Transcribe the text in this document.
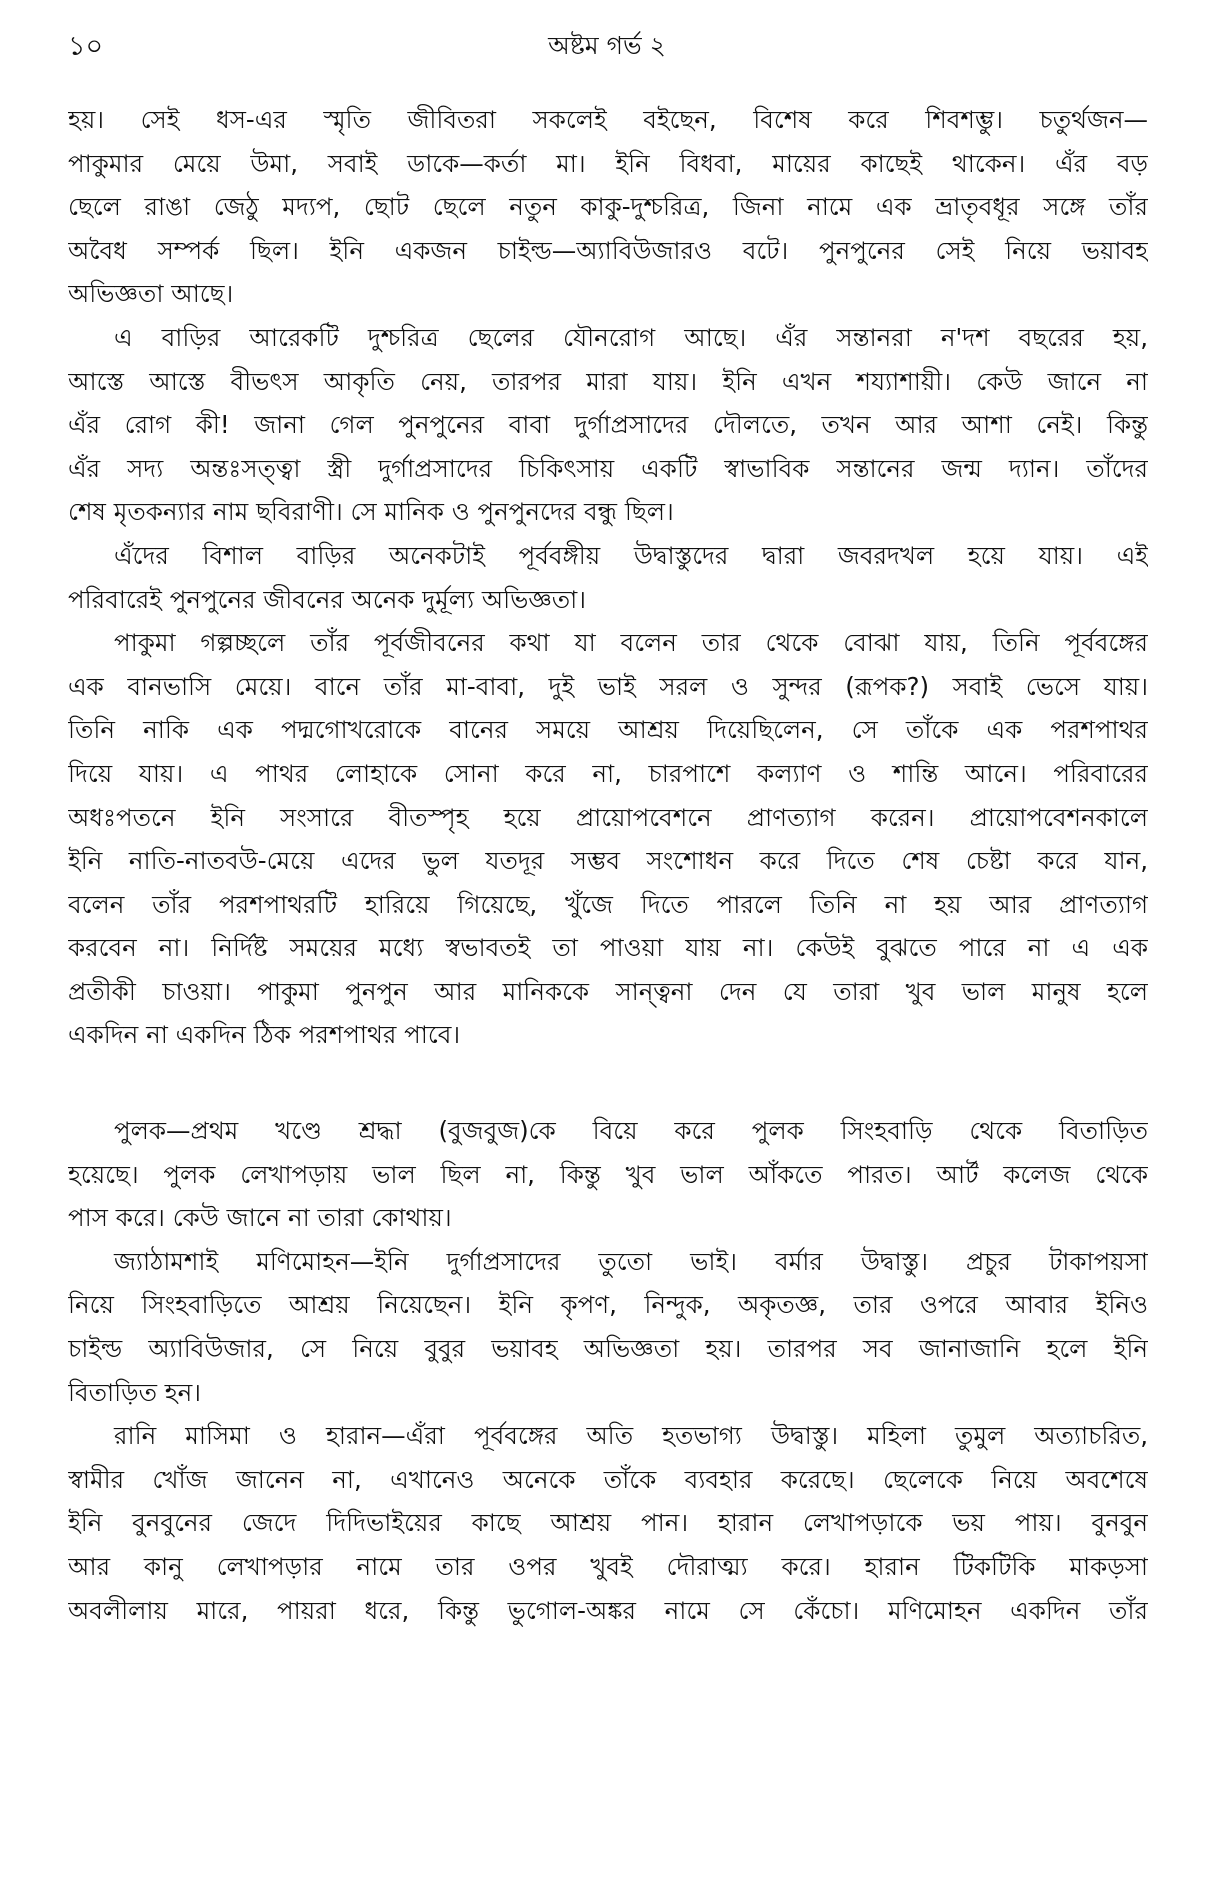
১০	অষ্টম গর্ভ ২
হয়। সেই ধস-এর স্মৃতি জীবিতরা সকলেই বইছেন, বিশেষ করে শিবশম্ভু। চতুর্থজন—
পাকুমার মেয়ে উমা, সবাই ডাকে—কর্তা মা। ইনি বিধবা, মায়ের কাছেই থাকেন। এঁর বড়
ছেলে রাঙা জেঠু মদ্যপ, ছোট ছেলে নতুন কাকু-দুশ্চরিত্র, জিনা নামে এক ভ্রাতৃবধূর সঙ্গে তাঁর
অবৈধ সম্পর্ক ছিল। ইনি একজন চাইল্ড—অ্যাবিউজারও বটে। পুনপুনের সেই নিয়ে ভয়াবহ
অভিজ্ঞতা আছে।
এ বাড়ির আরেকটি দুশ্চরিত্র ছেলের যৌনরোগ আছে। এঁর সন্তানরা ন'দশ বছরের হয়,
আস্তে আস্তে বীভৎস আকৃতি নেয়, তারপর মারা যায়। ইনি এখন শয্যাশায়ী। কেউ জানে না
এঁর রোগ কী! জানা গেল পুনপুনের বাবা দুর্গাপ্রসাদের দৌলতে, তখন আর আশা নেই। কিন্তু
এঁর সদ্য অন্তঃসত্ত্বা স্ত্রী দুর্গাপ্রসাদের চিকিৎসায় একটি স্বাভাবিক সন্তানের জন্ম দ্যান। তাঁদের
শেষ মৃতকন্যার নাম ছবিরাণী। সে মানিক ও পুনপুনদের বন্ধু ছিল।
এঁদের বিশাল বাড়ির অনেকটাই পূর্ববঙ্গীয় উদ্বাস্তুদের দ্বারা জবরদখল হয়ে যায়। এই
পরিবারেই পুনপুনের জীবনের অনেক দুর্মূল্য অভিজ্ঞতা।
পাকুমা গল্পচ্ছলে তাঁর পূর্বজীবনের কথা যা বলেন তার থেকে বোঝা যায়, তিনি পূর্ববঙ্গের
এক বানভাসি মেয়ে। বানে তাঁর মা-বাবা, দুই ভাই সরল ও সুন্দর (রূপক?) সবাই ভেসে যায়।
তিনি নাকি এক পদ্মগোখরোকে বানের সময়ে আশ্রয় দিয়েছিলেন, সে তাঁকে এক পরশপাথর
দিয়ে যায়। এ পাথর লোহাকে সোনা করে না, চারপাশে কল্যাণ ও শান্তি আনে। পরিবারের
অধঃপতনে ইনি সংসারে বীতস্পৃহ হয়ে প্রায়োপবেশনে প্রাণত্যাগ করেন। প্রায়োপবেশনকালে
ইনি নাতি-নাতবউ-মেয়ে এদের ভুল যতদূর সম্ভব সংশোধন করে দিতে শেষ চেষ্টা করে যান,
বলেন তাঁর পরশপাথরটি হারিয়ে গিয়েছে, খুঁজে দিতে পারলে তিনি না হয় আর প্রাণত্যাগ
করবেন না। নির্দিষ্ট সময়ের মধ্যে স্বভাবতই তা পাওয়া যায় না। কেউই বুঝতে পারে না এ এক
প্রতীকী চাওয়া। পাকুমা পুনপুন আর মানিককে সান্ত্বনা দেন যে তারা খুব ভাল মানুষ হলে
একদিন না একদিন ঠিক পরশপাথর পাবে।
পুলক—প্রথম খণ্ডে শ্রদ্ধা (বুজবুজ)কে বিয়ে করে পুলক সিংহবাড়ি থেকে বিতাড়িত
হয়েছে। পুলক লেখাপড়ায় ভাল ছিল না, কিন্তু খুব ভাল আঁকতে পারত। আর্ট কলেজ থেকে
পাস করে। কেউ জানে না তারা কোথায়।
জ্যাঠামশাই মণিমোহন—ইনি দুর্গাপ্রসাদের তুতো ভাই। বর্মার উদ্বাস্তু। প্রচুর টাকাপয়সা
নিয়ে সিংহবাড়িতে আশ্রয় নিয়েছেন। ইনি কৃপণ, নিন্দুক, অকৃতজ্ঞ, তার ওপরে আবার ইনিও
চাইল্ড অ্যাবিউজার, সে নিয়ে বুবুর ভয়াবহ অভিজ্ঞতা হয়। তারপর সব জানাজানি হলে ইনি
বিতাড়িত হন।
রানি মাসিমা ও হারান—এঁরা পূর্ববঙ্গের অতি হতভাগ্য উদ্বাস্তু। মহিলা তুমুল অত্যাচরিত,
স্বামীর খোঁজ জানেন না, এখানেও অনেকে তাঁকে ব্যবহার করেছে। ছেলেকে নিয়ে অবশেষে
ইনি বুনবুনের জেদে দিদিভাইয়ের কাছে আশ্রয় পান। হারান লেখাপড়াকে ভয় পায়। বুনবুন
আর কানু লেখাপড়ার নামে তার ওপর খুবই দৌরাত্ম্য করে। হারান টিকটিকি মাকড়সা
অবলীলায় মারে, পায়রা ধরে, কিন্তু ভুগোল-অঙ্কর নামে সে কেঁচো। মণিমোহন একদিন তাঁর
